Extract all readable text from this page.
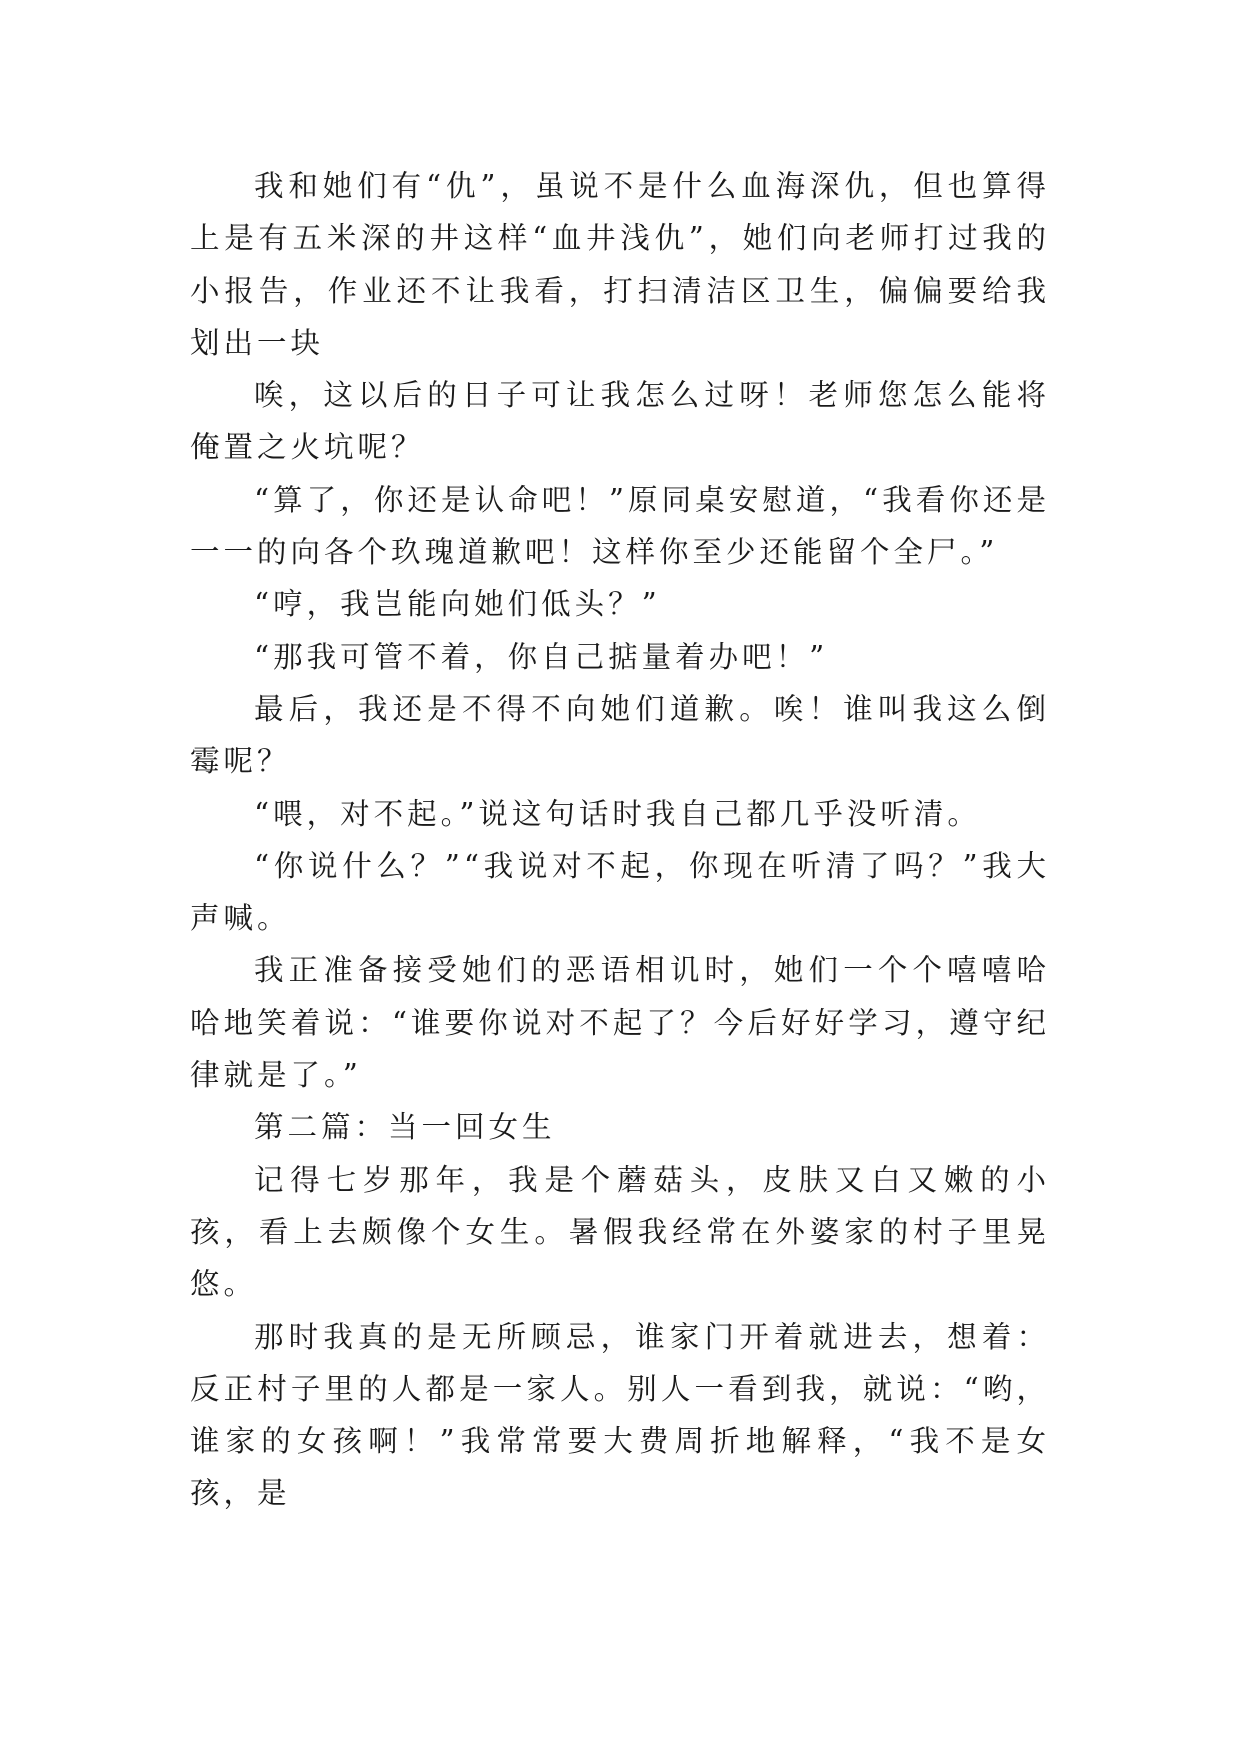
我和她们有“仇”，虽说不是什么血海深仇，但也算得上是有五米深的井这样“血井浅仇”，她们向老师打过我的小报告，作业还不让我看，打扫清洁区卫生，偏偏要给我划出一块

唉，这以后的日子可让我怎么过呀！老师您怎么能将俺置之火坑呢？

“算了，你还是认命吧！”原同桌安慰道，“我看你还是一一的向各个玖瑰道歉吧！这样你至少还能留个全尸。”

“哼，我岂能向她们低头？”

“那我可管不着，你自己掂量着办吧！”

最后，我还是不得不向她们道歉。唉！谁叫我这么倒霉呢？

“喂，对不起。”说这句话时我自己都几乎没听清。

“你说什么？”“我说对不起，你现在听清了吗？”我大声喊。

我正准备接受她们的恶语相讥时，她们一个个嘻嘻哈哈地笑着说：“谁要你说对不起了？今后好好学习，遵守纪律就是了。”

第二篇：当一回女生

记得七岁那年，我是个蘑菇头，皮肤又白又嫩的小孩，看上去颇像个女生。暑假我经常在外婆家的村子里晃悠。

那时我真的是无所顾忌，谁家门开着就进去，想着：反正村子里的人都是一家人。别人一看到我，就说：“哟，谁家的女孩啊！”我常常要大费周折地解释，“我不是女孩，是
